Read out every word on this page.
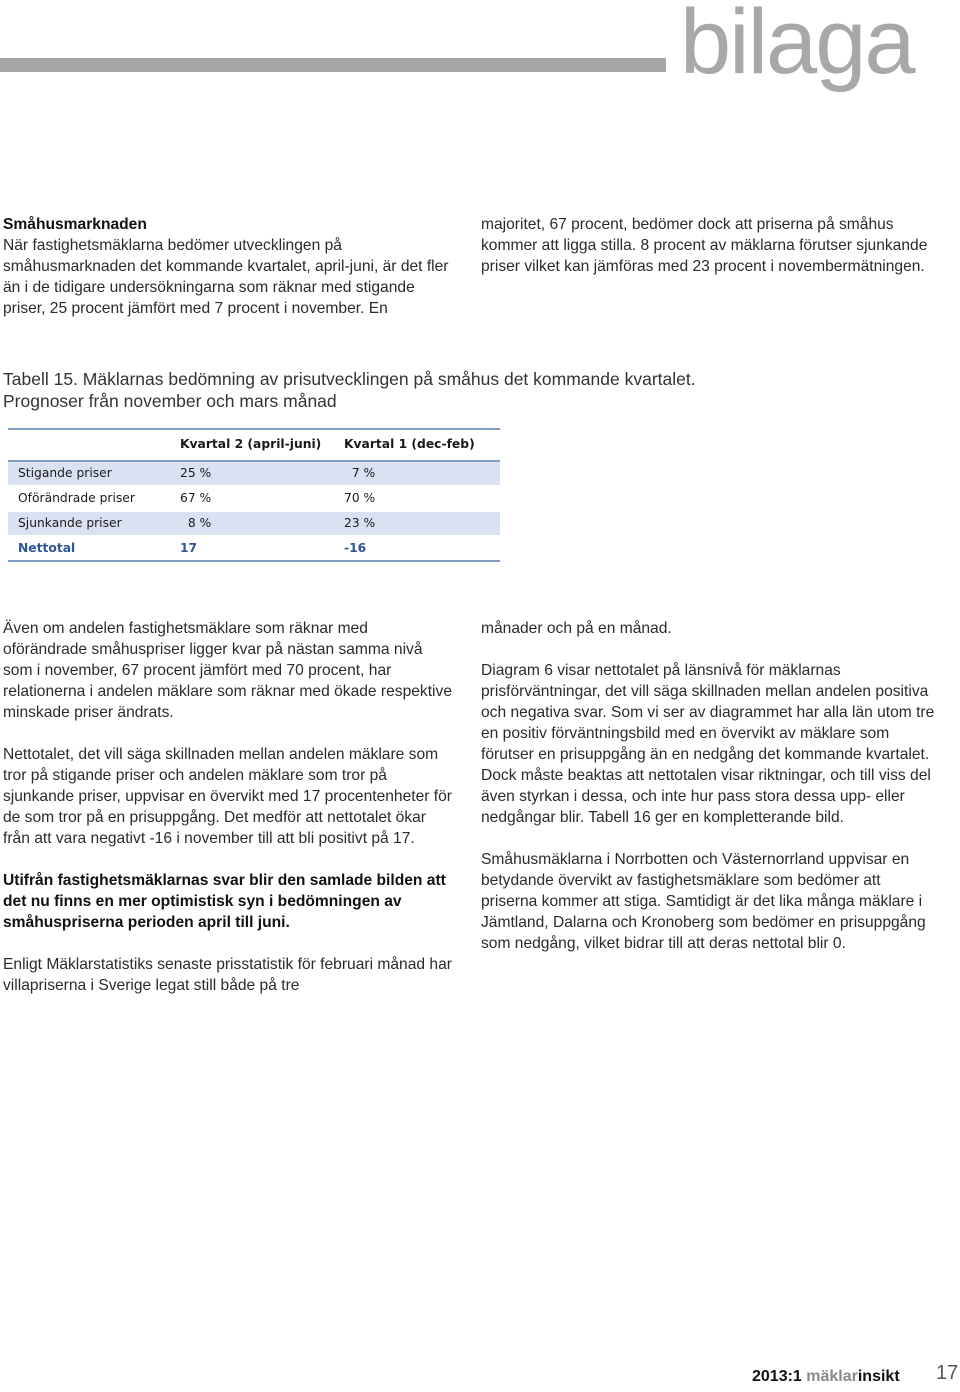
bilaga
Småhusmarknaden
När fastighetsmäklarna bedömer utvecklingen på småhusmarknaden det kommande kvartalet, april-juni, är det fler än i de tidigare undersökningarna som räknar med stigande priser, 25 procent jämfört med 7 procent i november. En
majoritet, 67 procent, bedömer dock att priserna på småhus kommer att ligga stilla. 8 procent av mäklarna förutser sjunkande priser vilket kan jämföras med 23 procent i novembermätningen.
Tabell 15. Mäklarnas bedömning av prisutvecklingen på småhus det kommande kvartalet.
Prognoser från november och mars månad
Kvartal 2 (april-juni) Kvartal 1 (dec-feb)
Stigande priser	25 %	7 %
Oförändrade priser	67 %	70 %
Sjunkande priser	8 %	23 %
Nettotal	17	-16

Även om andelen fastighetsmäklare som räknar med oförändrade småhuspriser ligger kvar på nästan samma nivå som i november, 67 procent jämfört med 70 procent, har relationerna i andelen mäklare som räknar med ökade respektive minskade priser ändrats.

Nettotalet, det vill säga skillnaden mellan andelen mäklare som tror på stigande priser och andelen mäklare som tror på sjunkande priser, uppvisar en övervikt med 17 procentenheter för de som tror på en prisuppgång. Det medför att nettotalet ökar från att vara negativt -16 i november till att bli positivt på 17.

Utifrån fastighetsmäklarnas svar blir den samlade bilden att det nu finns en mer optimistisk syn i bedömningen av småhuspriserna perioden april till juni.

Enligt Mäklarstatistiks senaste prisstatistik för februari månad har villapriserna i Sverige legat still både på tre

månader och på en månad.

Diagram 6 visar nettotalet på länsnivå för mäklarnas prisförväntningar, det vill säga skillnaden mellan andelen positiva och negativa svar. Som vi ser av diagrammet har alla län utom tre en positiv förväntningsbild med en övervikt av mäklare som förutser en prisuppgång än en nedgång det kommande kvartalet. Dock måste beaktas att nettotalen visar riktningar, och till viss del även styrkan i dessa, och inte hur pass stora dessa upp- eller nedgångar blir. Tabell 16 ger en kompletterande bild.

Småhusmäklarna i Norrbotten och Västernorrland uppvisar en betydande övervikt av fastighetsmäklare som bedömer att priserna kommer att stiga. Samtidigt är det lika många mäklare i Jämtland, Dalarna och Kronoberg som bedömer en prisuppgång som nedgång, vilket bidrar till att deras nettotal blir 0.

2013:1 mäklarinsikt 17
